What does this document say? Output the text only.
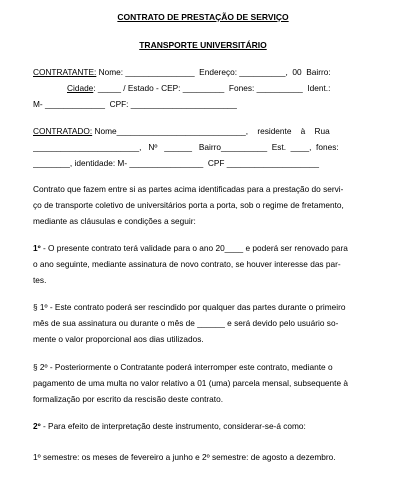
CONTRATO DE PRESTAÇÃO DE SERVIÇO
TRANSPORTE UNIVERSITÁRIO
CONTRATANTE: Nome: _______________  Endereço: __________,  00  Bairro:
Cidade: _____ / Estado - CEP: _________  Fones: __________  Ident.:
M- _____________  CPF: _______________________
CONTRATADO: Nome____________________________,    residente    à    Rua
_______________________,   Nº   ______   Bairro__________  Est.  ____,  fones:
________, identidade: M- ________________  CPF ____________________
Contrato que fazem entre si as partes acima identificadas para a prestação do servi-
ço de transporte coletivo de universitários porta a porta, sob o regime de fretamento,
mediante as cláusulas e condições a seguir:
1º - O presente contrato terá validade para o ano 20____ e poderá ser renovado para
o ano seguinte, mediante assinatura de novo contrato, se houver interesse das par-
tes.
§ 1º - Este contrato poderá ser rescindido por qualquer das partes durante o primeiro
mês de sua assinatura ou durante o mês de ______ e será devido pelo usuário so-
mente o valor proporcional aos dias utilizados.
§ 2º - Posteriormente o Contratante poderá interromper este contrato, mediante o
pagamento de uma multa no valor relativo a 01 (uma) parcela mensal, subsequente à
formalização por escrito da rescisão deste contrato.
2º - Para efeito de interpretação deste instrumento, considerar-se-á como:
1º semestre: os meses de fevereiro a junho e 2º semestre: de agosto a dezembro.
